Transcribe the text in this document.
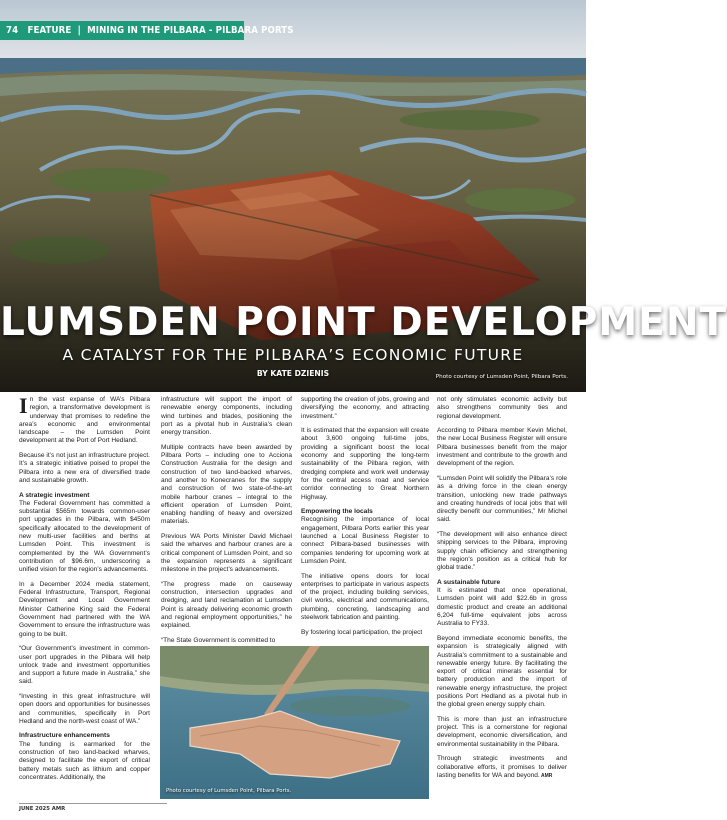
74 FEATURE  |  MINING IN THE PILBARA - PILBARA PORTS
LUMSDEN POINT DEVELOPMENT
A CATALYST FOR THE PILBARA’S ECONOMIC FUTURE
BY KATE DZIENIS	Photo courtesy of Lumsden Point, Pilbara Ports.

In the vast expanse of WA’s Pilbara region, a transformative development is underway that promises to redefine the area’s economic and environmental landscape – the Lumsden Point development at the Port of Port Hedland.

Because it’s not just an infrastructure project. It’s a strategic initiative poised to propel the Pilbara into a new era of diversified trade and sustainable growth.

A strategic investment

The Federal Government has committed a substantial $565m towards common-user port upgrades in the Pilbara, with $450m specifically allocated to the development of new multi-user facilities and berths at Lumsden Point. This investment is complemented by the WA Government’s contribution of $96.6m, underscoring a unified vision for the region’s advancements.

In a December 2024 media statement, Federal Infrastructure, Transport, Regional Development and Local Government Minister Catherine King said the Federal Government had partnered with the WA Government to ensure the infrastructure was going to be built.

“Our Government’s investment in common-user port upgrades in the Pilbara will help unlock trade and investment opportunities and support a future made in Australia,” she said.

“Investing in this great infrastructure will open doors and opportunities for businesses and communities, specifically in Port Hedland and the north-west coast of WA.”

Infrastructure enhancements

The funding is earmarked for the construction of two land-backed wharves, designed to facilitate the export of critical battery metals such as lithium and copper concentrates. Additionally, the

infrastructure will support the import of renewable energy components, including wind turbines and blades, positioning the port as a pivotal hub in Australia’s clean energy transition.

Multiple contracts have been awarded by Pilbara Ports – including one to Acciona Construction Australia for the design and construction of two land-backed wharves, and another to Konecranes for the supply and construction of two state-of-the-art mobile harbour cranes – integral to the efficient operation of Lumsden Point, enabling handling of heavy and oversized materials.

Previous WA Ports Minister David Michael said the wharves and harbour cranes are a critical component of Lumsden Point, and so the expansion represents a significant milestone in the project’s advancements.

“The progress made on causeway construction, intersection upgrades and dredging, and land reclamation at Lumsden Point is already delivering economic growth and regional employment opportunities,” he explained.

“The State Government is committed to

supporting the creation of jobs, growing and diversifying the economy, and attracting investment.”

It is estimated that the expansion will create about 3,600 ongoing full-time jobs, providing a significant boost the local economy and supporting the long-term sustainability of the Pilbara region, with dredging complete and work well underway for the central access road and service corridor connecting to Great Northern Highway.

Empowering the locals

Recognising the importance of local engagement, Pilbara Ports earlier this year launched a Local Business Register to connect Pilbara-based businesses with companies tendering for upcoming work at Lumsden Point.

The initiative opens doors for local enterprises to participate in various aspects of the project, including building services, civil works, electrical and communications, plumbing, concreting, landscaping and steelwork fabrication and painting.

By fostering local participation, the project

not only stimulates economic activity but also strengthens community ties and regional development.

According to Pilbara member Kevin Michel, the new Local Business Register will ensure Pilbara businesses benefit from the major investment and contribute to the growth and development of the region.

“Lumsden Point will solidify the Pilbara’s role as a driving force in the clean energy transition, unlocking new trade pathways and creating hundreds of local jobs that will directly benefit our communities,” Mr Michel said.

“The development will also enhance direct shipping services to the Pilbara, improving supply chain efficiency and strengthening the region’s position as a critical hub for global trade.”

A sustainable future

It is estimated that once operational, Lumsden point will add $22.6b in gross domestic product and create an additional 6,204 full-time equivalent jobs across Australia to FY33.

Beyond immediate economic benefits, the expansion is strategically aligned with Australia’s commitment to a sustainable and renewable energy future. By facilitating the export of critical minerals essential for battery production and the import of renewable energy infrastructure, the project positions Port Hedland as a pivotal hub in the global green energy supply chain.

This is more than just an infrastructure project. This is a cornerstone for regional development, economic diversification, and environmental sustainability in the Pilbara.

Through strategic investments and collaborative efforts, it promises to deliver lasting benefits for WA and beyond. AMR

Photo courtesy of Lumsden Point, Pilbara Ports.
JUNE 2025 AMR
